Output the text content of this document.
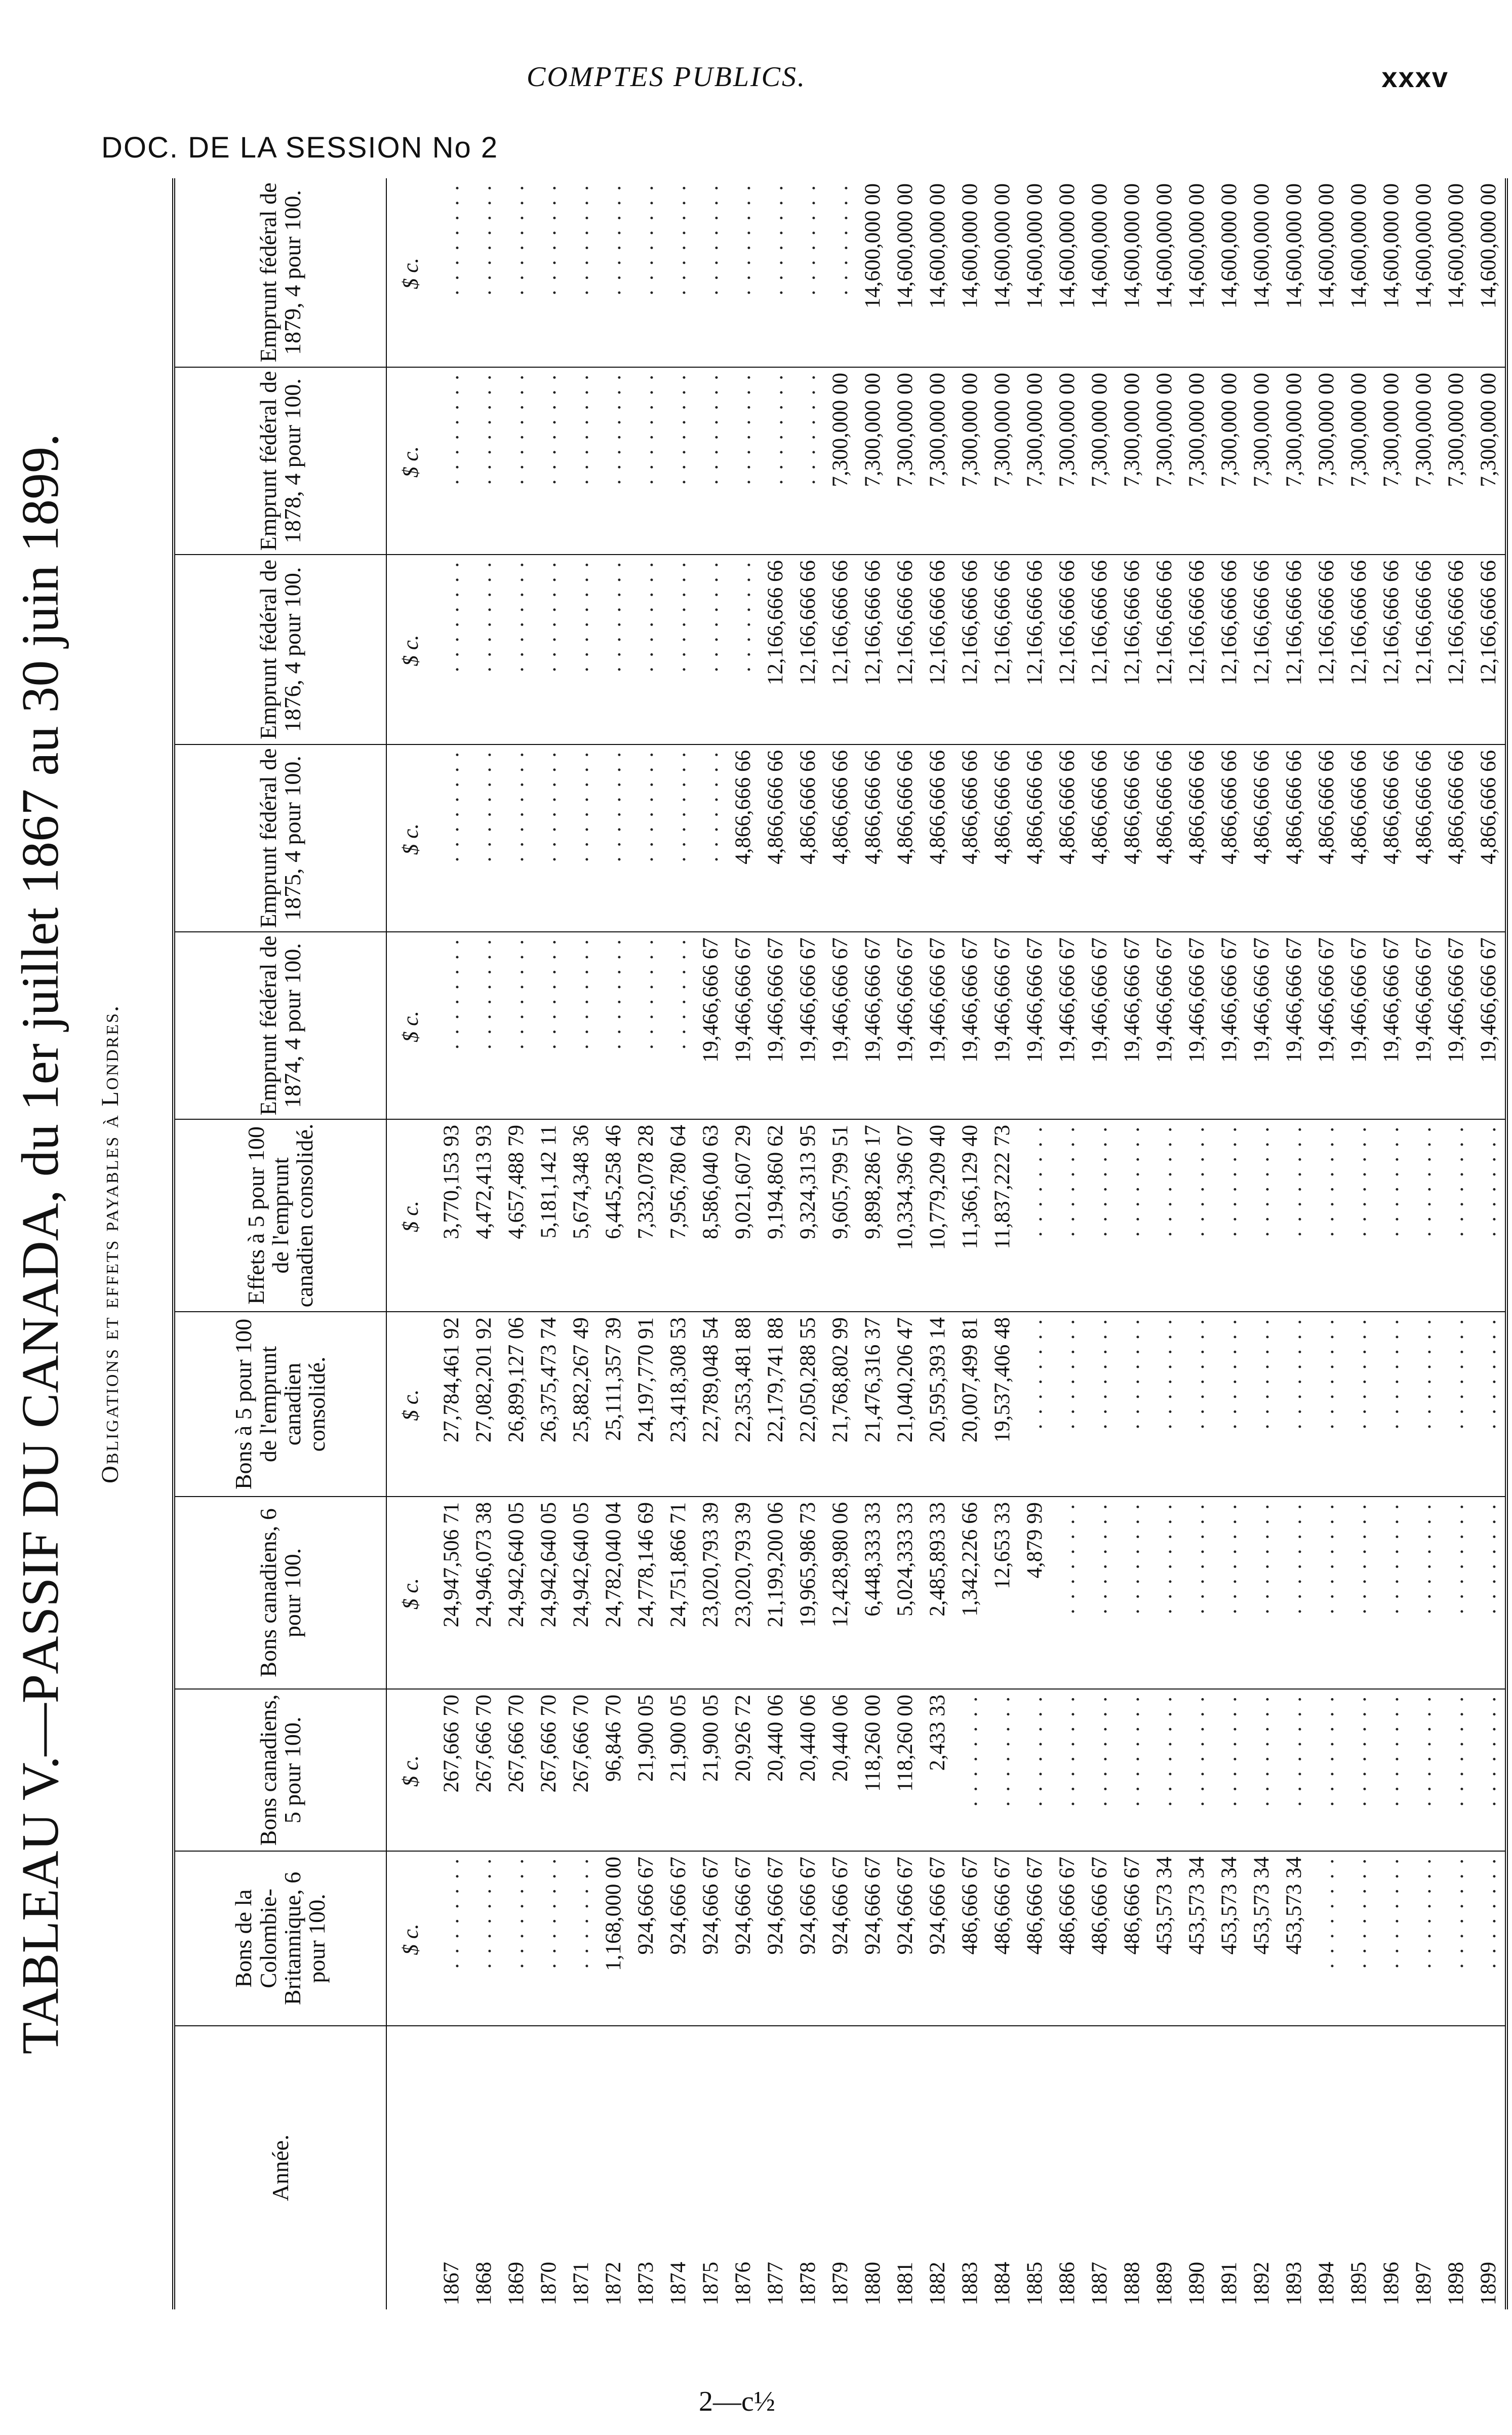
COMPTES PUBLICS.	xxxv
DOC. DE LA SESSION No 2
TABLEAU V.—PASSIF DU CANADA, du 1er juillet 1867 au 30 juin 1899.
Obligations et effets payables à Londres.
Année.	Bons de la Colombie-Britannique, 6 pour 100.	Bons canadiens, 5 pour 100.	Bons canadiens, 6 pour 100.	Bons à 5 pour 100 de l'emprunt canadien consolidé.	Effets à 5 pour 100 de l'emprunt canadien consolidé.	Emprunt fédéral de 1874, 4 pour 100.	Emprunt fédéral de 1875, 4 pour 100.	Emprunt fédéral de 1876, 4 pour 100.	Emprunt fédéral de 1878, 4 pour 100.	Emprunt fédéral de 1879, 4 pour 100.
	$ c.	$ c.	$ c.	$ c.	$ c.	$ c.	$ c.	$ c.	$ c.	$ c.
1867	. . . . . . . .	267,666 70	24,947,506 71	27,784,461 92	3,770,153 93	. . . . . . . .	. . . . . . . .	. . . . . . . .	. . . . . . . .	. . . . . . . .
1868	. . . . . . . .	267,666 70	24,946,073 38	27,082,201 92	4,472,413 93	. . . . . . . .	. . . . . . . .	. . . . . . . .	. . . . . . . .	. . . . . . . .
1869	. . . . . . . .	267,666 70	24,942,640 05	26,899,127 06	4,657,488 79	. . . . . . . .	. . . . . . . .	. . . . . . . .	. . . . . . . .	. . . . . . . .
1870	. . . . . . . .	267,666 70	24,942,640 05	26,375,473 74	5,181,142 11	. . . . . . . .	. . . . . . . .	. . . . . . . .	. . . . . . . .	. . . . . . . .
1871	. . . . . . . .	267,666 70	24,942,640 05	25,882,267 49	5,674,348 36	. . . . . . . .	. . . . . . . .	. . . . . . . .	. . . . . . . .	. . . . . . . .
1872	1,168,000 00	96,846 70	24,782,040 04	25,111,357 39	6,445,258 46	. . . . . . . .	. . . . . . . .	. . . . . . . .	. . . . . . . .	. . . . . . . .
1873	924,666 67	21,900 05	24,778,146 69	24,197,770 91	7,332,078 28	. . . . . . . .	. . . . . . . .	. . . . . . . .	. . . . . . . .	. . . . . . . .
1874	924,666 67	21,900 05	24,751,866 71	23,418,308 53	7,956,780 64	. . . . . . . .	. . . . . . . .	. . . . . . . .	. . . . . . . .	. . . . . . . .
1875	924,666 67	21,900 05	23,020,793 39	22,789,048 54	8,586,040 63	19,466,666 67	. . . . . . . .	. . . . . . . .	. . . . . . . .	. . . . . . . .
1876	924,666 67	20,926 72	23,020,793 39	22,353,481 88	9,021,607 29	19,466,666 67	4,866,666 66	. . . . . . . .	. . . . . . . .	. . . . . . . .
1877	924,666 67	20,440 06	21,199,200 06	22,179,741 88	9,194,860 62	19,466,666 67	4,866,666 66	12,166,666 66	. . . . . . . .	. . . . . . . .
1878	924,666 67	20,440 06	19,965,986 73	22,050,288 55	9,324,313 95	19,466,666 67	4,866,666 66	12,166,666 66	. . . . . . . .	. . . . . . . .
1879	924,666 67	20,440 06	12,428,980 06	21,768,802 99	9,605,799 51	19,466,666 67	4,866,666 66	12,166,666 66	7,300,000 00	. . . . . . . .
1880	924,666 67	118,260 00	6,448,333 33	21,476,316 37	9,898,286 17	19,466,666 67	4,866,666 66	12,166,666 66	7,300,000 00	14,600,000 00
1881	924,666 67	118,260 00	5,024,333 33	21,040,206 47	10,334,396 07	19,466,666 67	4,866,666 66	12,166,666 66	7,300,000 00	14,600,000 00
1882	924,666 67	2,433 33	2,485,893 33	20,595,393 14	10,779,209 40	19,466,666 67	4,866,666 66	12,166,666 66	7,300,000 00	14,600,000 00
1883	486,666 67	. . . . . . . .	1,342,226 66	20,007,499 81	11,366,129 40	19,466,666 67	4,866,666 66	12,166,666 66	7,300,000 00	14,600,000 00
1884	486,666 67	. . . . . . . .	12,653 33	19,537,406 48	11,837,222 73	19,466,666 67	4,866,666 66	12,166,666 66	7,300,000 00	14,600,000 00
1885	486,666 67	. . . . . . . .	4,879 99	. . . . . . . .	. . . . . . . .	19,466,666 67	4,866,666 66	12,166,666 66	7,300,000 00	14,600,000 00
1886	486,666 67	. . . . . . . .	. . . . . . . .	. . . . . . . .	. . . . . . . .	19,466,666 67	4,866,666 66	12,166,666 66	7,300,000 00	14,600,000 00
1887	486,666 67	. . . . . . . .	. . . . . . . .	. . . . . . . .	. . . . . . . .	19,466,666 67	4,866,666 66	12,166,666 66	7,300,000 00	14,600,000 00
1888	486,666 67	. . . . . . . .	. . . . . . . .	. . . . . . . .	. . . . . . . .	19,466,666 67	4,866,666 66	12,166,666 66	7,300,000 00	14,600,000 00
1889	453,573 34	. . . . . . . .	. . . . . . . .	. . . . . . . .	. . . . . . . .	19,466,666 67	4,866,666 66	12,166,666 66	7,300,000 00	14,600,000 00
1890	453,573 34	. . . . . . . .	. . . . . . . .	. . . . . . . .	. . . . . . . .	19,466,666 67	4,866,666 66	12,166,666 66	7,300,000 00	14,600,000 00
1891	453,573 34	. . . . . . . .	. . . . . . . .	. . . . . . . .	. . . . . . . .	19,466,666 67	4,866,666 66	12,166,666 66	7,300,000 00	14,600,000 00
1892	453,573 34	. . . . . . . .	. . . . . . . .	. . . . . . . .	. . . . . . . .	19,466,666 67	4,866,666 66	12,166,666 66	7,300,000 00	14,600,000 00
1893	453,573 34	. . . . . . . .	. . . . . . . .	. . . . . . . .	. . . . . . . .	19,466,666 67	4,866,666 66	12,166,666 66	7,300,000 00	14,600,000 00
1894	. . . . . . . .	. . . . . . . .	. . . . . . . .	. . . . . . . .	. . . . . . . .	19,466,666 67	4,866,666 66	12,166,666 66	7,300,000 00	14,600,000 00
1895	. . . . . . . .	. . . . . . . .	. . . . . . . .	. . . . . . . .	. . . . . . . .	19,466,666 67	4,866,666 66	12,166,666 66	7,300,000 00	14,600,000 00
1896	. . . . . . . .	. . . . . . . .	. . . . . . . .	. . . . . . . .	. . . . . . . .	19,466,666 67	4,866,666 66	12,166,666 66	7,300,000 00	14,600,000 00
1897	. . . . . . . .	. . . . . . . .	. . . . . . . .	. . . . . . . .	. . . . . . . .	19,466,666 67	4,866,666 66	12,166,666 66	7,300,000 00	14,600,000 00
1898	. . . . . . . .	. . . . . . . .	. . . . . . . .	. . . . . . . .	. . . . . . . .	19,466,666 67	4,866,666 66	12,166,666 66	7,300,000 00	14,600,000 00
1899	. . . . . . . .	. . . . . . . .	. . . . . . . .	. . . . . . . .	. . . . . . . .	19,466,666 67	4,866,666 66	12,166,666 66	7,300,000 00	14,600,000 00
2—c½
